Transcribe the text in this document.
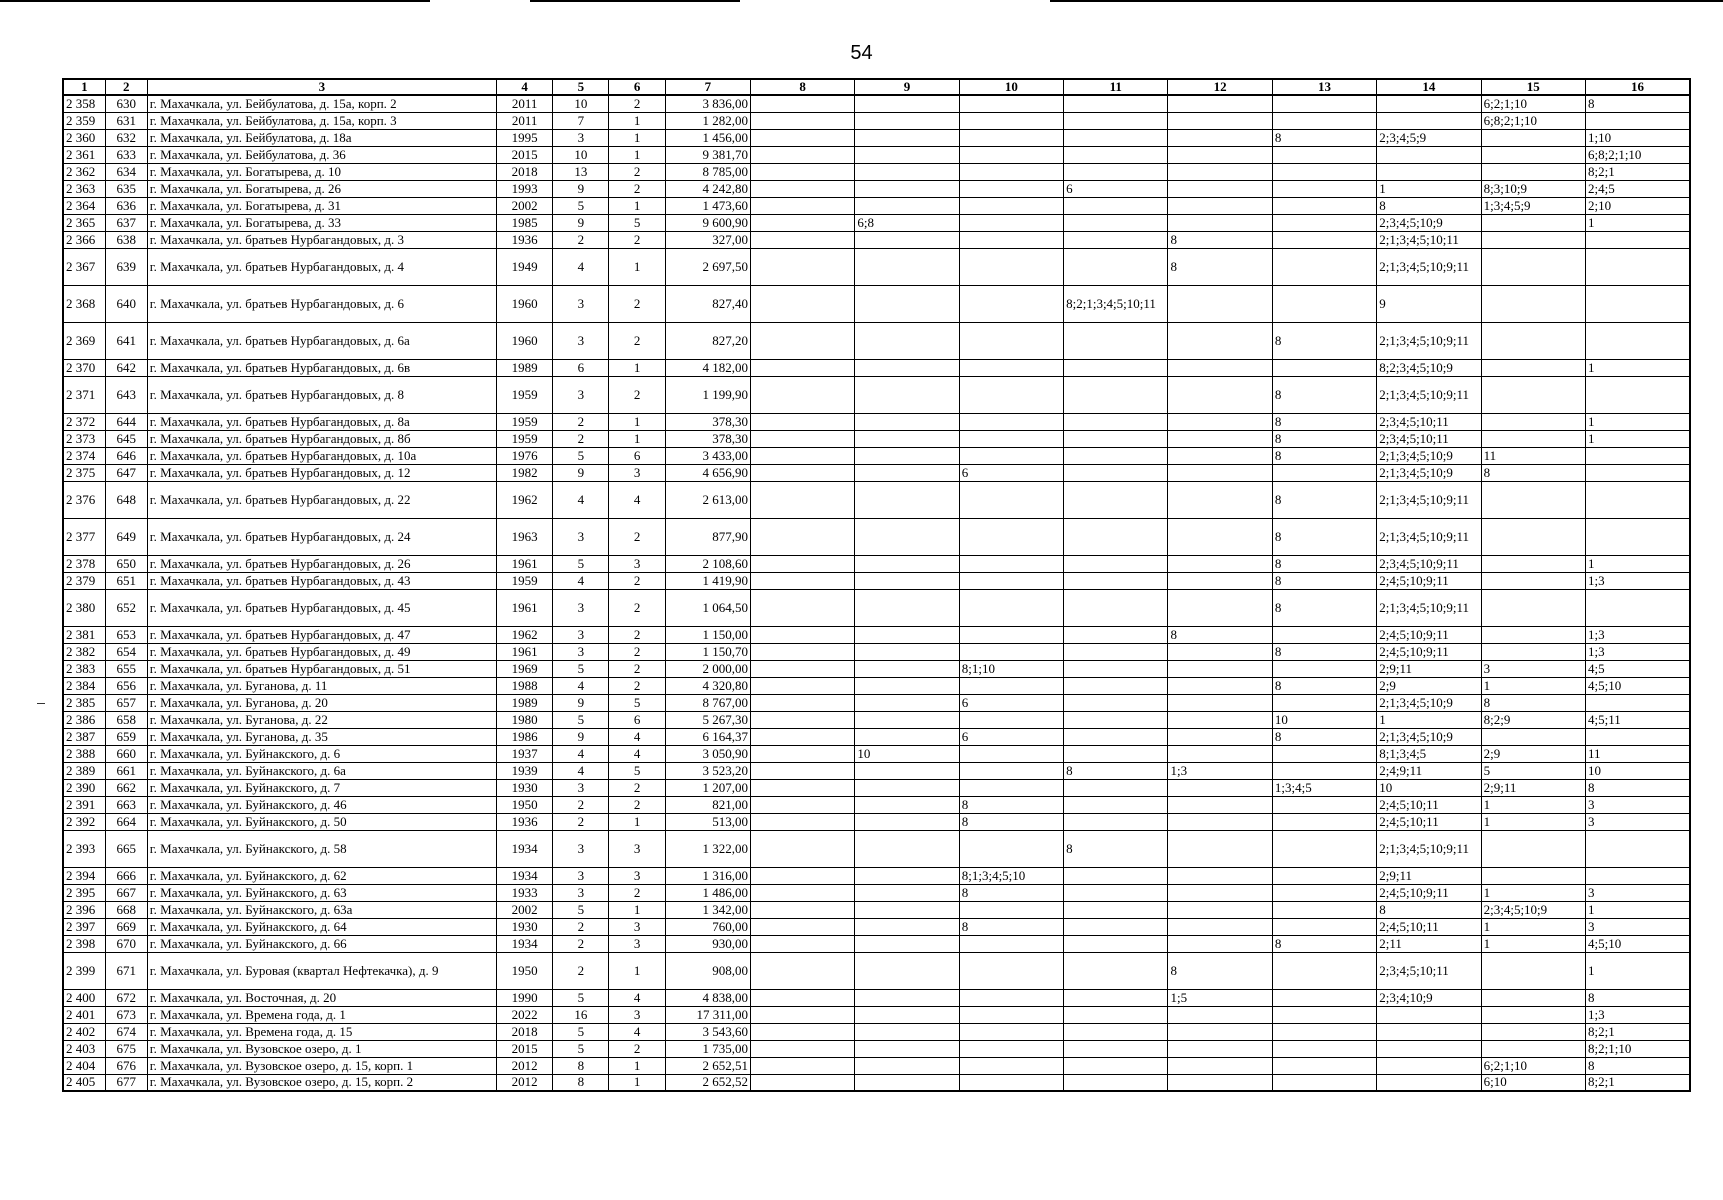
54
1	2	3	4	5	6	7	8	9	10	11	12	13	14	15	16
2 358	630	г. Махачкала, ул. Бейбулатова, д. 15а, корп. 2	2011	10	2	3 836,00								6;2;1;10	8
2 359	631	г. Махачкала, ул. Бейбулатова, д. 15а, корп. 3	2011	7	1	1 282,00								6;8;2;1;10	
2 360	632	г. Махачкала, ул. Бейбулатова, д. 18а	1995	3	1	1 456,00						8	2;3;4;5;9		1;10
2 361	633	г. Махачкала, ул. Бейбулатова, д. 36	2015	10	1	9 381,70									6;8;2;1;10
2 362	634	г. Махачкала, ул. Богатырева, д. 10	2018	13	2	8 785,00									8;2;1
2 363	635	г. Махачкала, ул. Богатырева, д. 26	1993	9	2	4 242,80				6			1	8;3;10;9	2;4;5
2 364	636	г. Махачкала, ул. Богатырева, д. 31	2002	5	1	1 473,60							8	1;3;4;5;9	2;10
2 365	637	г. Махачкала, ул. Богатырева, д. 33	1985	9	5	9 600,90		6;8					2;3;4;5;10;9		1
2 366	638	г. Махачкала, ул. братьев Нурбагандовых, д. 3	1936	2	2	327,00					8		2;1;3;4;5;10;11		
2 367	639	г. Махачкала, ул. братьев Нурбагандовых, д. 4	1949	4	1	2 697,50					8		2;1;3;4;5;10;9;11		
2 368	640	г. Махачкала, ул. братьев Нурбагандовых, д. 6	1960	3	2	827,40				8;2;1;3;4;5;10;11			9		
2 369	641	г. Махачкала, ул. братьев Нурбагандовых, д. 6а	1960	3	2	827,20						8	2;1;3;4;5;10;9;11		
2 370	642	г. Махачкала, ул. братьев Нурбагандовых, д. 6в	1989	6	1	4 182,00							8;2;3;4;5;10;9		1
2 371	643	г. Махачкала, ул. братьев Нурбагандовых, д. 8	1959	3	2	1 199,90						8	2;1;3;4;5;10;9;11		
2 372	644	г. Махачкала, ул. братьев Нурбагандовых, д. 8а	1959	2	1	378,30						8	2;3;4;5;10;11		1
2 373	645	г. Махачкала, ул. братьев Нурбагандовых, д. 8б	1959	2	1	378,30						8	2;3;4;5;10;11		1
2 374	646	г. Махачкала, ул. братьев Нурбагандовых, д. 10а	1976	5	6	3 433,00						8	2;1;3;4;5;10;9	11	
2 375	647	г. Махачкала, ул. братьев Нурбагандовых, д. 12	1982	9	3	4 656,90			6				2;1;3;4;5;10;9	8	
2 376	648	г. Махачкала, ул. братьев Нурбагандовых, д. 22	1962	4	4	2 613,00						8	2;1;3;4;5;10;9;11		
2 377	649	г. Махачкала, ул. братьев Нурбагандовых, д. 24	1963	3	2	877,90						8	2;1;3;4;5;10;9;11		
2 378	650	г. Махачкала, ул. братьев Нурбагандовых, д. 26	1961	5	3	2 108,60						8	2;3;4;5;10;9;11		1
2 379	651	г. Махачкала, ул. братьев Нурбагандовых, д. 43	1959	4	2	1 419,90						8	2;4;5;10;9;11		1;3
2 380	652	г. Махачкала, ул. братьев Нурбагандовых, д. 45	1961	3	2	1 064,50						8	2;1;3;4;5;10;9;11		
2 381	653	г. Махачкала, ул. братьев Нурбагандовых, д. 47	1962	3	2	1 150,00					8		2;4;5;10;9;11		1;3
2 382	654	г. Махачкала, ул. братьев Нурбагандовых, д. 49	1961	3	2	1 150,70						8	2;4;5;10;9;11		1;3
2 383	655	г. Махачкала, ул. братьев Нурбагандовых, д. 51	1969	5	2	2 000,00			8;1;10				2;9;11	3	4;5
2 384	656	г. Махачкала, ул. Буганова, д. 11	1988	4	2	4 320,80						8	2;9	1	4;5;10
2 385	657	г. Махачкала, ул. Буганова, д. 20	1989	9	5	8 767,00			6				2;1;3;4;5;10;9	8	
2 386	658	г. Махачкала, ул. Буганова, д. 22	1980	5	6	5 267,30						10	1	8;2;9	4;5;11
2 387	659	г. Махачкала, ул. Буганова, д. 35	1986	9	4	6 164,37			6			8	2;1;3;4;5;10;9		
2 388	660	г. Махачкала, ул. Буйнакского, д. 6	1937	4	4	3 050,90		10					8;1;3;4;5	2;9	11
2 389	661	г. Махачкала, ул. Буйнакского, д. 6а	1939	4	5	3 523,20				8	1;3		2;4;9;11	5	10
2 390	662	г. Махачкала, ул. Буйнакского, д. 7	1930	3	2	1 207,00						1;3;4;5	10	2;9;11	8
2 391	663	г. Махачкала, ул. Буйнакского, д. 46	1950	2	2	821,00			8				2;4;5;10;11	1	3
2 392	664	г. Махачкала, ул. Буйнакского, д. 50	1936	2	1	513,00			8				2;4;5;10;11	1	3
2 393	665	г. Махачкала, ул. Буйнакского, д. 58	1934	3	3	1 322,00				8			2;1;3;4;5;10;9;11		
2 394	666	г. Махачкала, ул. Буйнакского, д. 62	1934	3	3	1 316,00			8;1;3;4;5;10				2;9;11		
2 395	667	г. Махачкала, ул. Буйнакского, д. 63	1933	3	2	1 486,00			8				2;4;5;10;9;11	1	3
2 396	668	г. Махачкала, ул. Буйнакского, д. 63а	2002	5	1	1 342,00							8	2;3;4;5;10;9	1
2 397	669	г. Махачкала, ул. Буйнакского, д. 64	1930	2	3	760,00			8				2;4;5;10;11	1	3
2 398	670	г. Махачкала, ул. Буйнакского, д. 66	1934	2	3	930,00						8	2;11	1	4;5;10
2 399	671	г. Махачкала, ул. Буровая (квартал Нефтекачка), д. 9	1950	2	1	908,00					8		2;3;4;5;10;11		1
2 400	672	г. Махачкала, ул. Восточная, д. 20	1990	5	4	4 838,00					1;5		2;3;4;10;9		8
2 401	673	г. Махачкала, ул. Времена года, д. 1	2022	16	3	17 311,00									1;3
2 402	674	г. Махачкала, ул. Времена года, д. 15	2018	5	4	3 543,60									8;2;1
2 403	675	г. Махачкала, ул. Вузовское озеро, д. 1	2015	5	2	1 735,00									8;2;1;10
2 404	676	г. Махачкала, ул. Вузовское озеро, д. 15, корп. 1	2012	8	1	2 652,51								6;2;1;10	8
2 405	677	г. Махачкала, ул. Вузовское озеро, д. 15, корп. 2	2012	8	1	2 652,52								6;10	8;2;1
